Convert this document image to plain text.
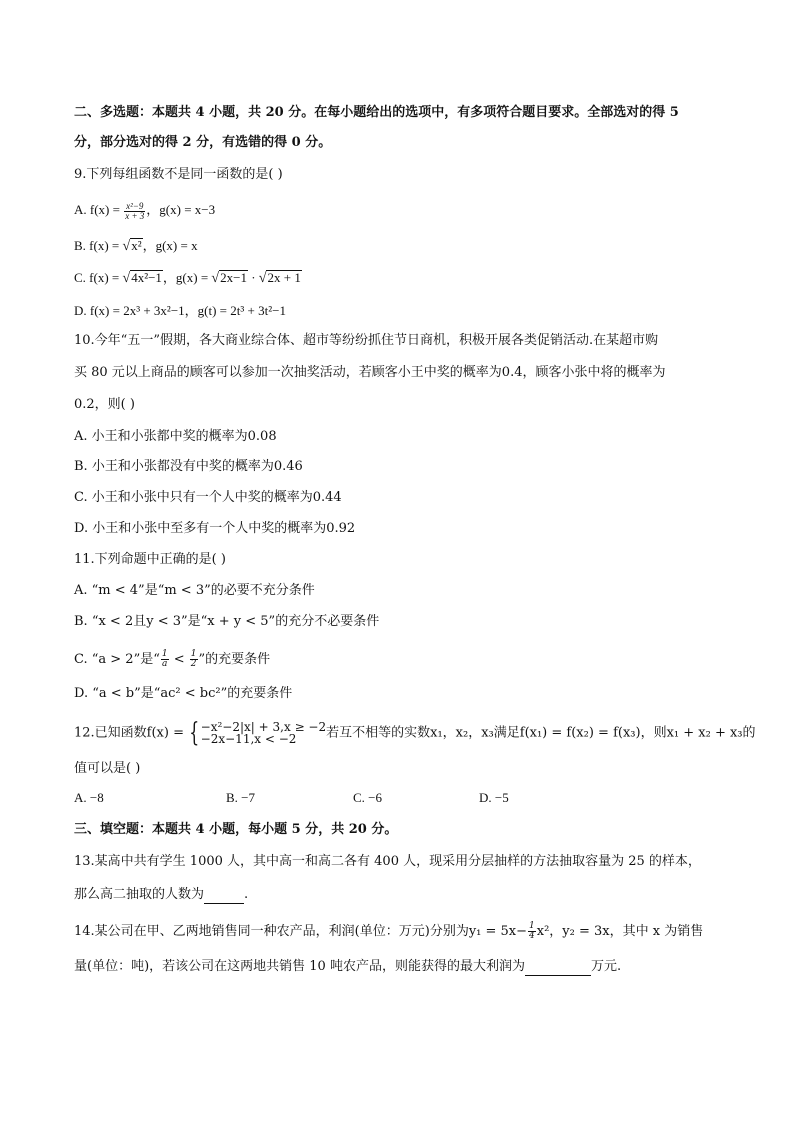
二、多选题：本题共 4 小题，共 20 分。在每小题给出的选项中，有多项符合题目要求。全部选对的得 5
分，部分选对的得 2 分，有选错的得 0 分。
9.下列每组函数不是同一函数的是( )
A. $f(x) = \frac{\text{x²−9}}{x + 3}$ ，g(x) = x−3
B. f(x) = √x²，g(x) = x
C. f(x) = √4x²−1，g(x) = √2x−1 · √2x + 1
D. f(x) = 2x³ + 3x²−1，g(t) = 2t³ + 3t²−1
10.今年“五一”假期，各大商业综合体、超市等纷纷抓住节日商机，积极开展各类促销活动.在某超市购
买 80 元以上商品的顾客可以参加一次抽奖活动，若顾客小王中奖的概率为0.4，顾客小张中将的概率为
0.2，则( )
A. 小王和小张都中奖的概率为0.08
B. 小王和小张都没有中奖的概率为0.46
C. 小王和小张中只有一个人中奖的概率为0.44
D. 小王和小张中至多有一个人中奖的概率为0.92
11.下列命题中正确的是( )
A. “m < 4”是“m < 3”的必要不充分条件
B. “x < 2且y < 3”是“x + y < 5”的充分不必要条件
C. “a > 2”是“ $\frac{1}{a} < \frac{1}{2}$ ”的充要条件
D. “a < b”是“ac² < bc²”的充要条件
12.已知函数f(x) = { −x²−2|x| + 3,x ≥ −2
−2x−11,x < −2	若互不相等的实数x₁，x₂，x₃满足f(x₁) = f(x₂) = f(x₃)，则x₁ + x₂ + x₃的
值可以是( )
A. −8	B. −7	C. −6	D. −5
三、填空题：本题共 4 小题，每小题 5 分，共 20 分。
13.某高中共有学生 1000 人，其中高一和高二各有 400 人，现采用分层抽样的方法抽取容量为 25 的样本，
那么高二抽取的人数为	.
14.某公司在甲、乙两地销售同一种农产品，利润(单位：万元)分别为$y_1 = 5x- \frac{1}{4} x^2$，y₂ = 3x，其中 x 为销售
量(单位：吨)，若该公司在这两地共销售 10 吨农产品，则能获得的最大利润为	万元.
